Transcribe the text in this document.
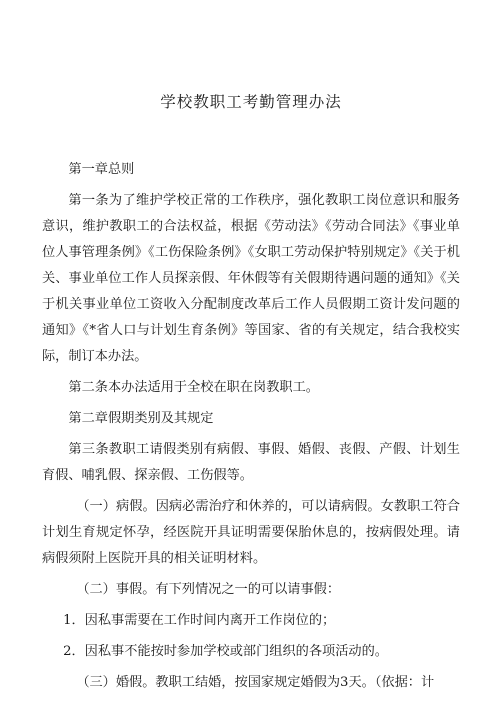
学校教职工考勤管理办法

第一章总则

第一条为了维护学校正常的工作秩序，强化教职工岗位意识和服务意识，维护教职工的合法权益，根据《劳动法》《劳动合同法》《事业单位人事管理条例》《工伤保险条例》《女职工劳动保护特别规定》《关于机关、事业单位工作人员探亲假、年休假等有关假期待遇问题的通知》《关于机关事业单位工资收入分配制度改革后工作人员假期工资计发问题的通知》《*省人口与计划生育条例》等国家、省的有关规定，结合我校实际，制订本办法。

第二条本办法适用于全校在职在岗教职工。

第二章假期类别及其规定

第三条教职工请假类别有病假、事假、婚假、丧假、产假、计划生育假、哺乳假、探亲假、工伤假等。

（一）病假。因病必需治疗和休养的，可以请病假。女教职工符合计划生育规定怀孕，经医院开具证明需要保胎休息的，按病假处理。请病假须附上医院开具的相关证明材料。

（二）事假。有下列情况之一的可以请事假：

1．因私事需要在工作时间内离开工作岗位的；

2．因私事不能按时参加学校或部门组织的各项活动的。

（三）婚假。教职工结婚，按国家规定婚假为3天。（依据：计
